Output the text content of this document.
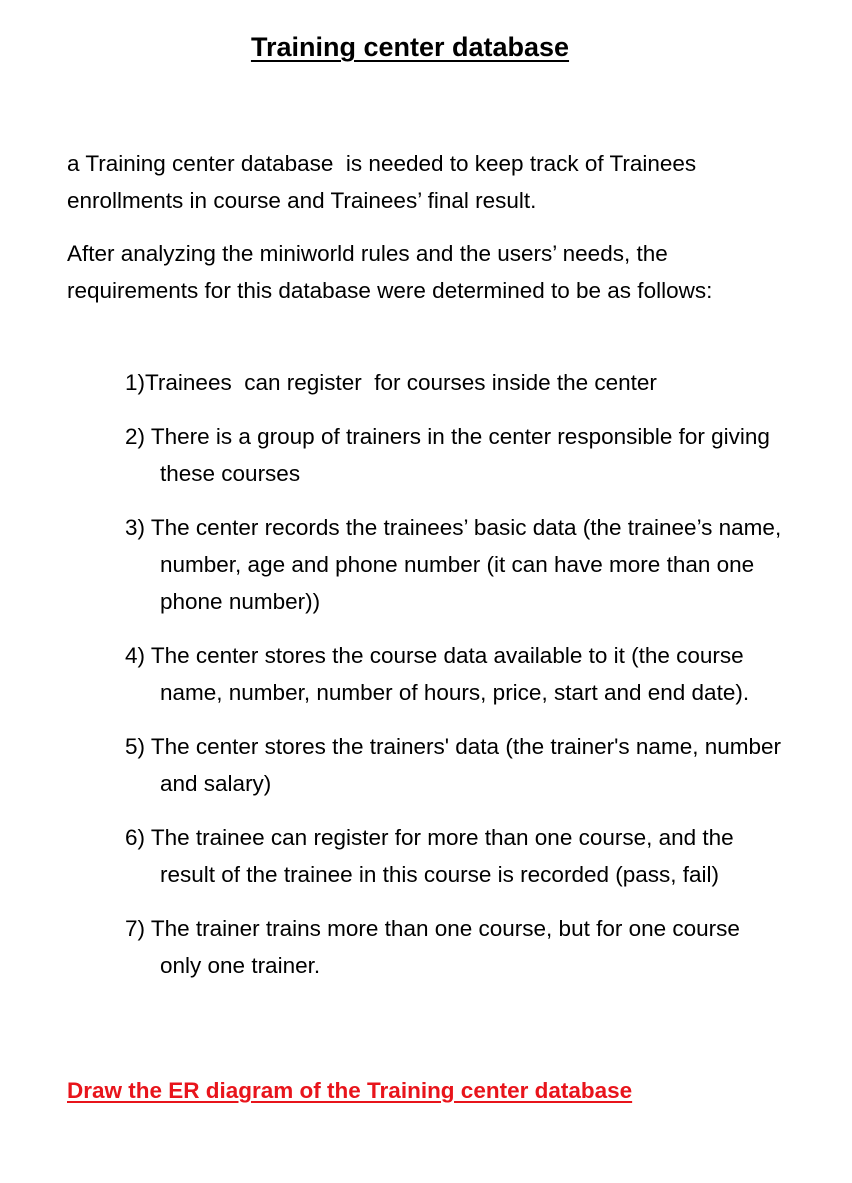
Training center database

a Training center database  is needed to keep track of Trainees enrollments in course and Trainees’ final result.

After analyzing the miniworld rules and the users’ needs, the requirements for this database were determined to be as follows:

1)Trainees  can register  for courses inside the center
2) There is a group of trainers in the center responsible for giving these courses
3) The center records the trainees’ basic data (the trainee’s name, number, age and phone number (it can have more than one phone number))
4) The center stores the course data available to it (the course name, number, number of hours, price, start and end date).
5) The center stores the trainers' data (the trainer's name, number and salary)
6) The trainee can register for more than one course, and the result of the trainee in this course is recorded (pass, fail)
7) The trainer trains more than one course, but for one course only one trainer.

Draw the ER diagram of the Training center database
